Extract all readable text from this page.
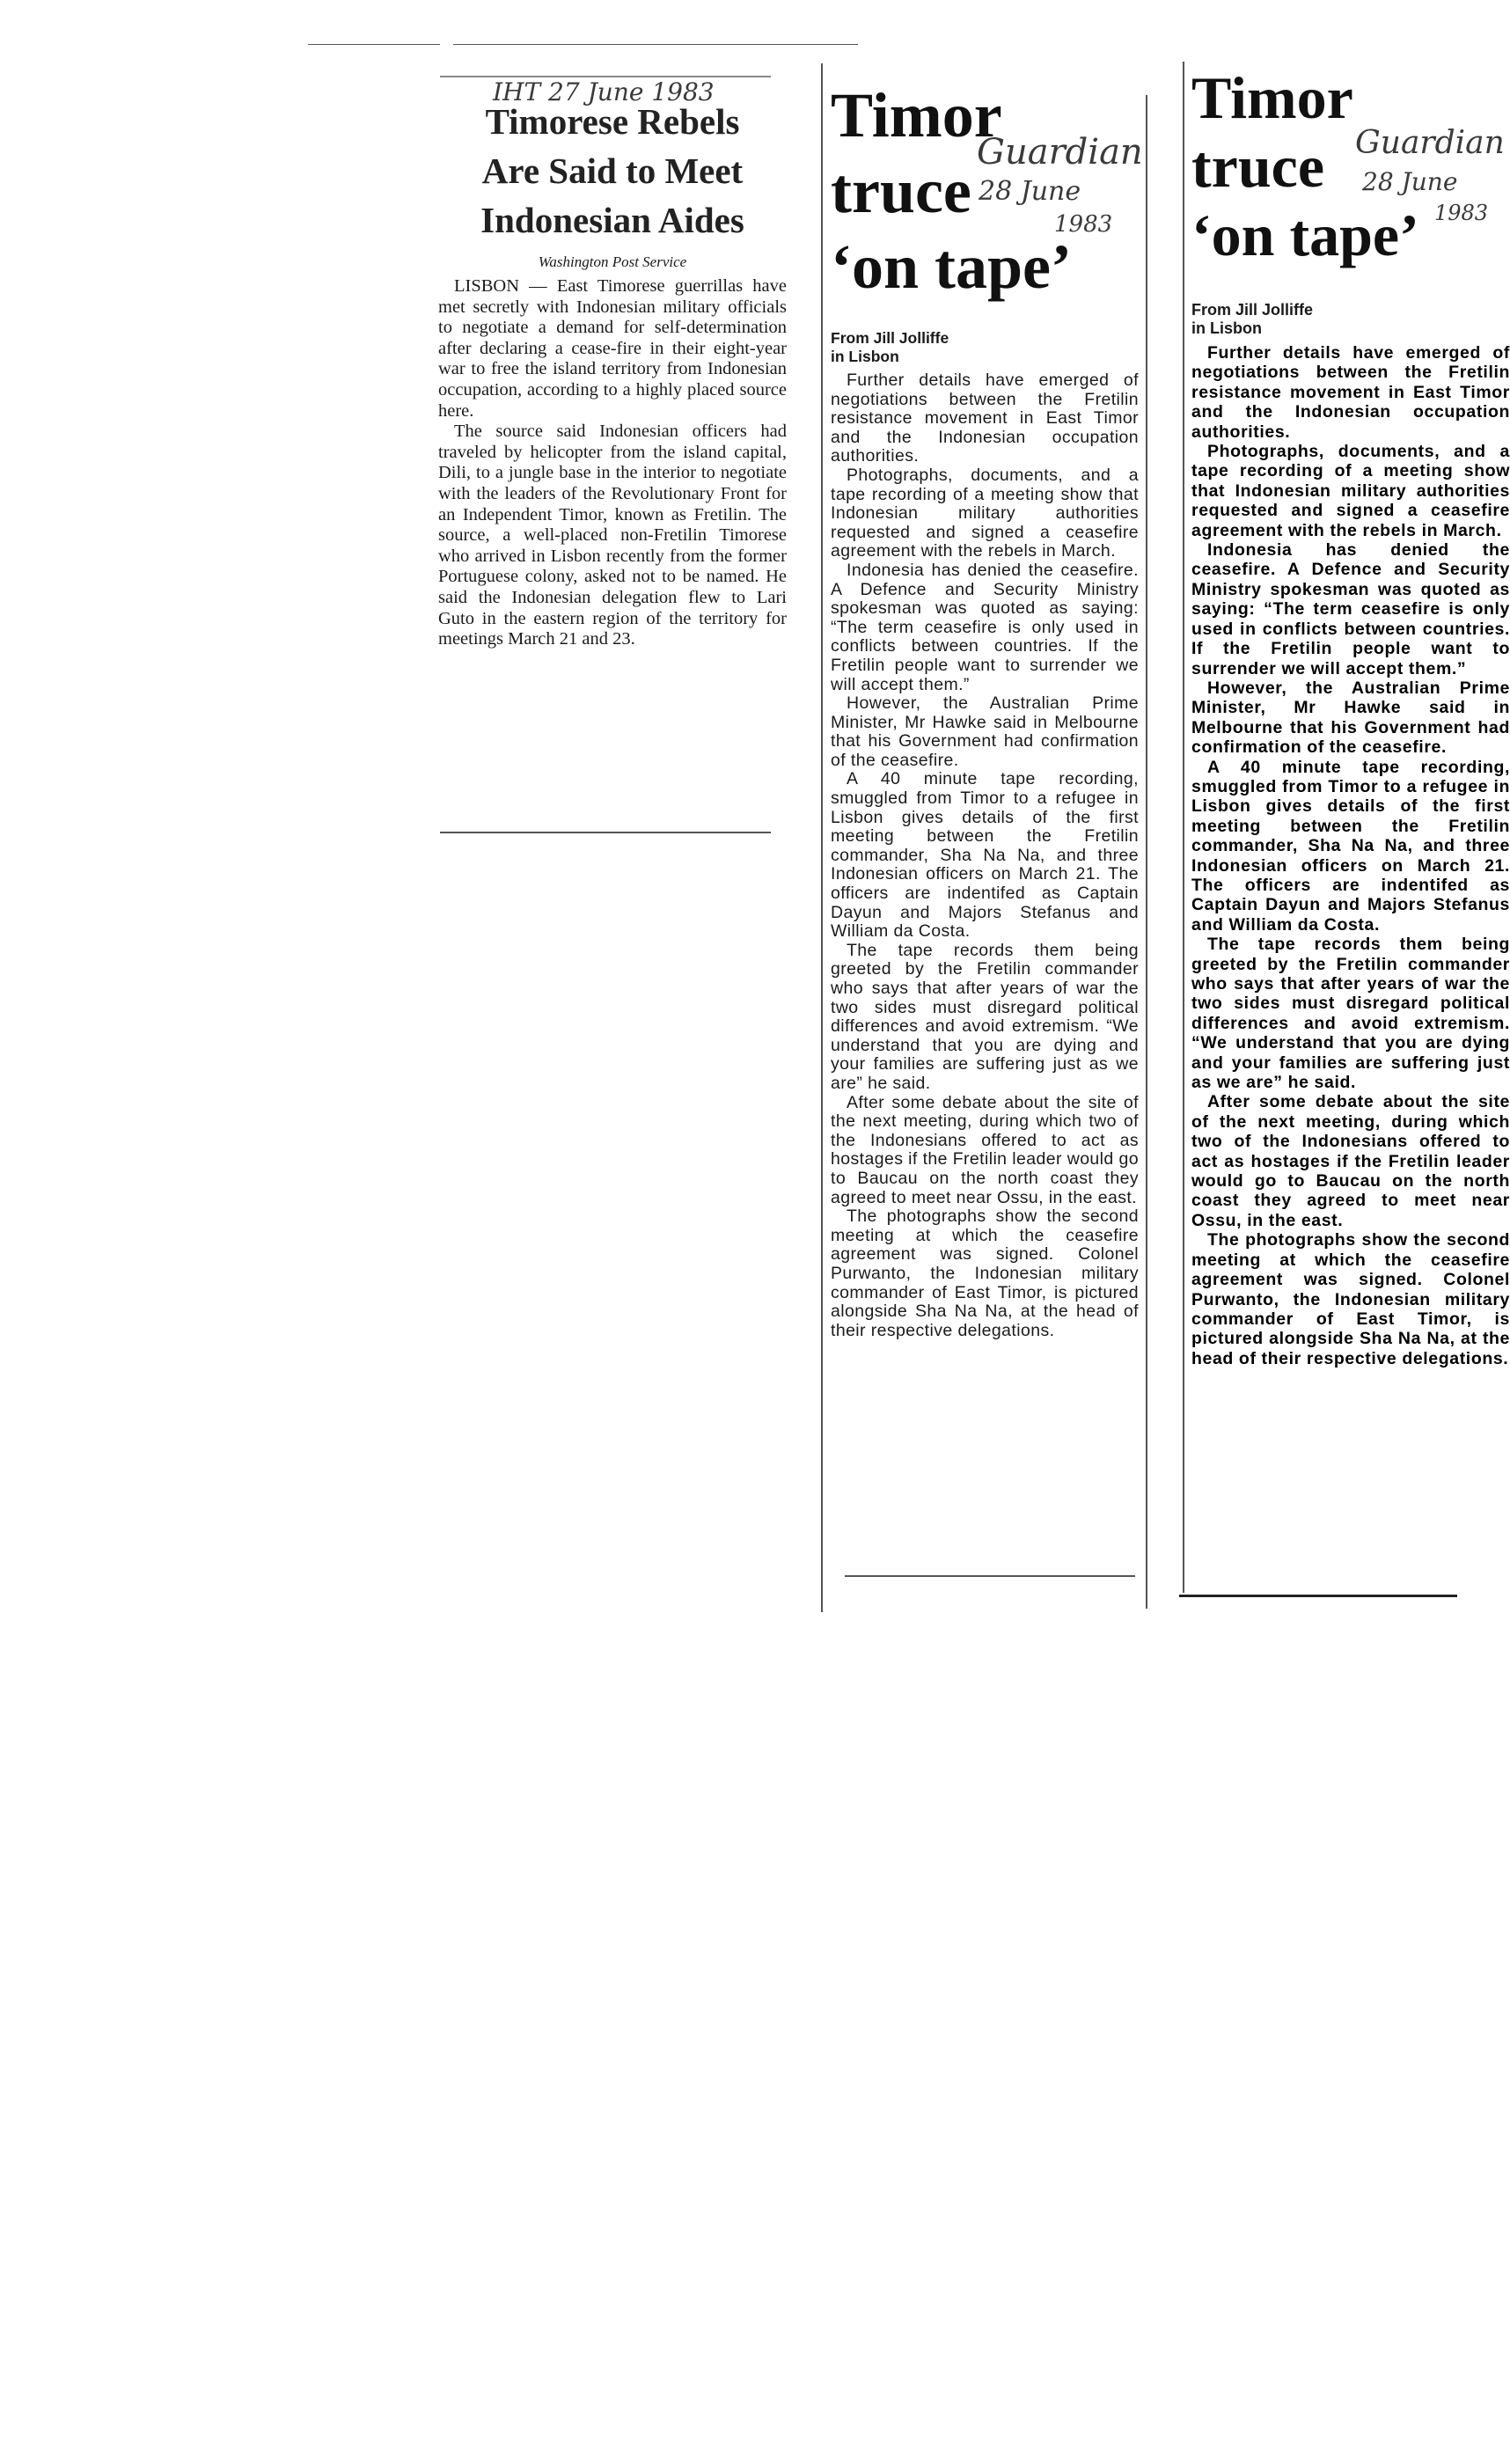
IHT 27 June 1983
Timorese Rebels
Are Said to Meet
Indonesian Aides
Washington Post Service

LISBON — East Timorese guerrillas have met secretly with Indonesian military officials to negotiate a demand for self-determination after declaring a cease-fire in their eight-year war to free the island territory from Indonesian occupation, according to a highly placed source here.

The source said Indonesian officers had traveled by helicopter from the island capital, Dili, to a jungle base in the interior to negotiate with the leaders of the Revolutionary Front for an Independent Timor, known as Fretilin. The source, a well-placed non-Fretilin Timorese who arrived in Lisbon recently from the former Portuguese colony, asked not to be named. He said the Indonesian delegation flew to Lari Guto in the eastern region of the territory for meetings March 21 and 23.

Guardian
28 June
1983
Timor
truce
‘on tape’
From Jill Jolliffe
in Lisbon

Further details have emerged of negotiations between the Fretilin resistance movement in East Timor and the Indonesian occupation authorities.

Photographs, documents, and a tape recording of a meeting show that Indonesian military authorities requested and signed a ceasefire agreement with the rebels in March.

Indonesia has denied the ceasefire. A Defence and Security Ministry spokesman was quoted as saying: “The term ceasefire is only used in conflicts between countries. If the Fretilin people want to surrender we will accept them.”

However, the Australian Prime Minister, Mr Hawke said in Melbourne that his Government had confirmation of the ceasefire.

A 40 minute tape recording, smuggled from Timor to a refugee in Lisbon gives details of the first meeting between the Fretilin commander, Sha Na Na, and three Indonesian officers on March 21. The officers are indentifed as Captain Dayun and Majors Stefanus and William da Costa.

The tape records them being greeted by the Fretilin commander who says that after years of war the two sides must disregard political differences and avoid extremism. “We understand that you are dying and your families are suffering just as we are” he said.

After some debate about the site of the next meeting, during which two of the Indonesians offered to act as hostages if the Fretilin leader would go to Baucau on the north coast they agreed to meet near Ossu, in the east.

The photographs show the second meeting at which the ceasefire agreement was signed. Colonel Purwanto, the Indonesian military commander of East Timor, is pictured alongside Sha Na Na, at the head of their respective delegations.

Guardian
28 June
1983
Timor
truce
‘on tape’
From Jill Jolliffe
in Lisbon

Further details have emerged of negotiations between the Fretilin resistance movement in East Timor and the Indonesian occupation authorities.

Photographs, documents, and a tape recording of a meeting show that Indonesian military authorities requested and signed a ceasefire agreement with the rebels in March.

Indonesia has denied the ceasefire. A Defence and Security Ministry spokesman was quoted as saying: “The term ceasefire is only used in conflicts between countries. If the Fretilin people want to surrender we will accept them.”

However, the Australian Prime Minister, Mr Hawke said in Melbourne that his Government had confirmation of the ceasefire.

A 40 minute tape recording, smuggled from Timor to a refugee in Lisbon gives details of the first meeting between the Fretilin commander, Sha Na Na, and three Indonesian officers on March 21. The officers are indentifed as Captain Dayun and Majors Stefanus and William da Costa.

The tape records them being greeted by the Fretilin commander who says that after years of war the two sides must disregard political differences and avoid extremism. “We understand that you are dying and your families are suffering just as we are” he said.

After some debate about the site of the next meeting, during which two of the Indonesians offered to act as hostages if the Fretilin leader would go to Baucau on the north coast they agreed to meet near Ossu, in the east.

The photographs show the second meeting at which the ceasefire agreement was signed. Colonel Purwanto, the Indonesian military commander of East Timor, is pictured alongside Sha Na Na, at the head of their respective delegations.
